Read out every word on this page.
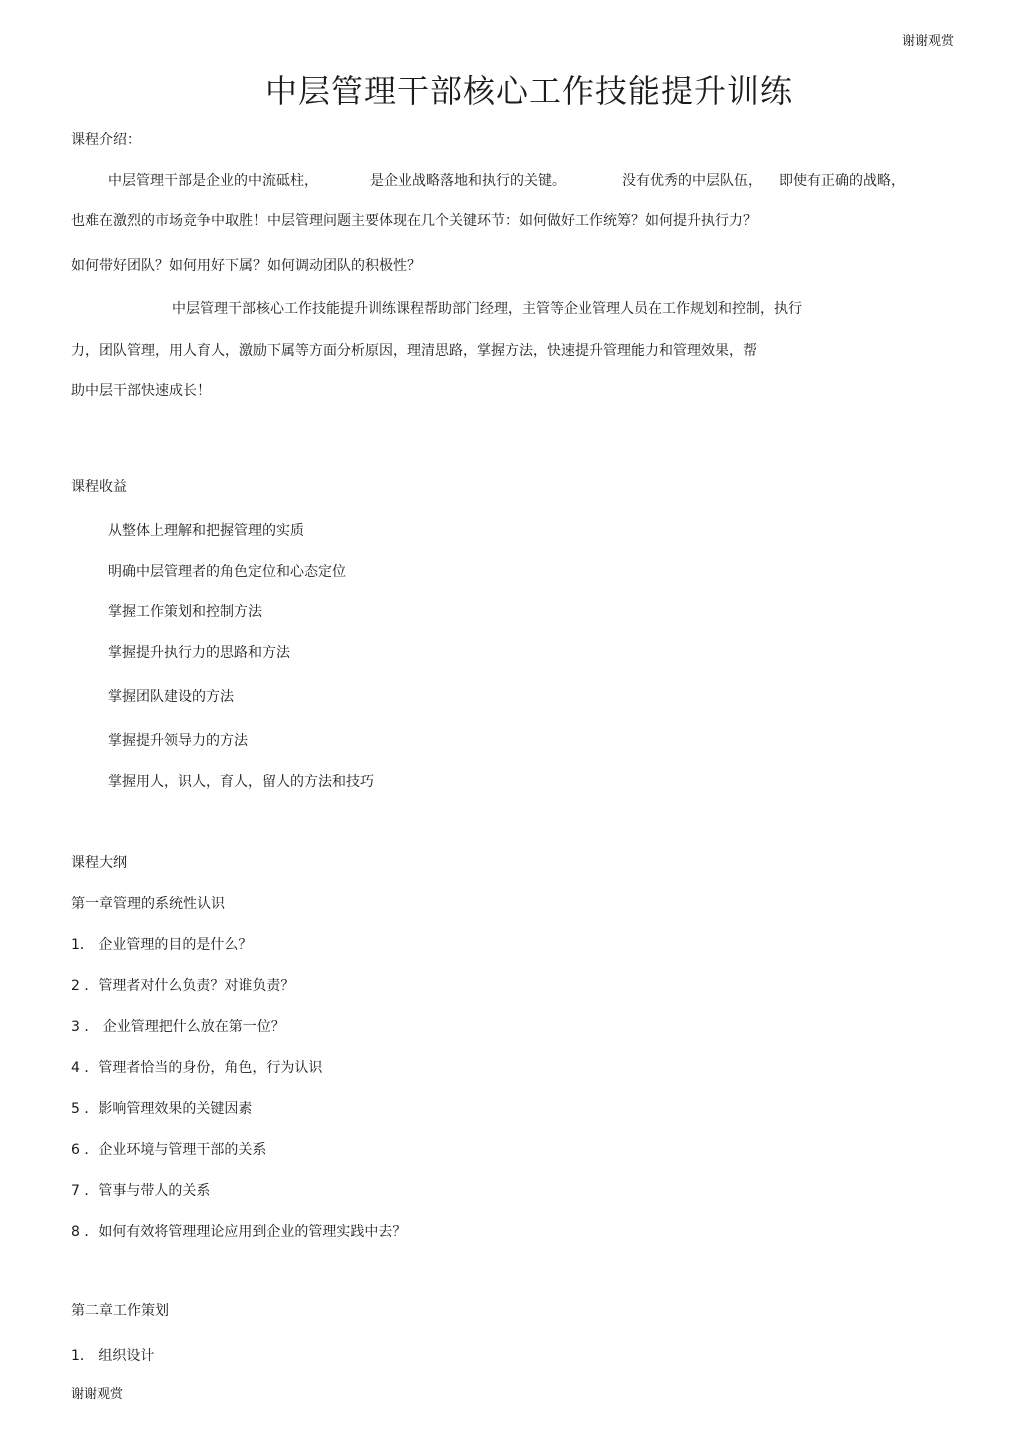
谢谢观赏
中层管理干部核心工作技能提升训练
课程介绍：
中层管理干部是企业的中流砥柱，	是企业战略落地和执行的关键。	没有优秀的中层队伍， 即使有正确的战略，
也难在激烈的市场竞争中取胜！中层管理问题主要体现在几个关键环节：如何做好工作统筹？如何提升执行力？
如何带好团队？如何用好下属？如何调动团队的积极性？
中层管理干部核心工作技能提升训练课程帮助部门经理，主管等企业管理人员在工作规划和控制，执行
力，团队管理，用人育人，激励下属等方面分析原因，理清思路，掌握方法，快速提升管理能力和管理效果，帮
助中层干部快速成长！
课程收益
从整体上理解和把握管理的实质
明确中层管理者的角色定位和心态定位
掌握工作策划和控制方法
掌握提升执行力的思路和方法
掌握团队建设的方法
掌握提升领导力的方法
掌握用人，识人，育人，留人的方法和技巧
课程大纲
第一章管理的系统性认识
1． 企业管理的目的是什么？
2 ．管理者对什么负责？对谁负责？
3 ． 企业管理把什么放在第一位？
4 ．管理者恰当的身份，角色，行为认识
5 ．影响管理效果的关键因素
6 ．企业环境与管理干部的关系
7 ．管事与带人的关系
8 ．如何有效将管理理论应用到企业的管理实践中去？
第二章工作策划
1． 组织设计
谢谢观赏
